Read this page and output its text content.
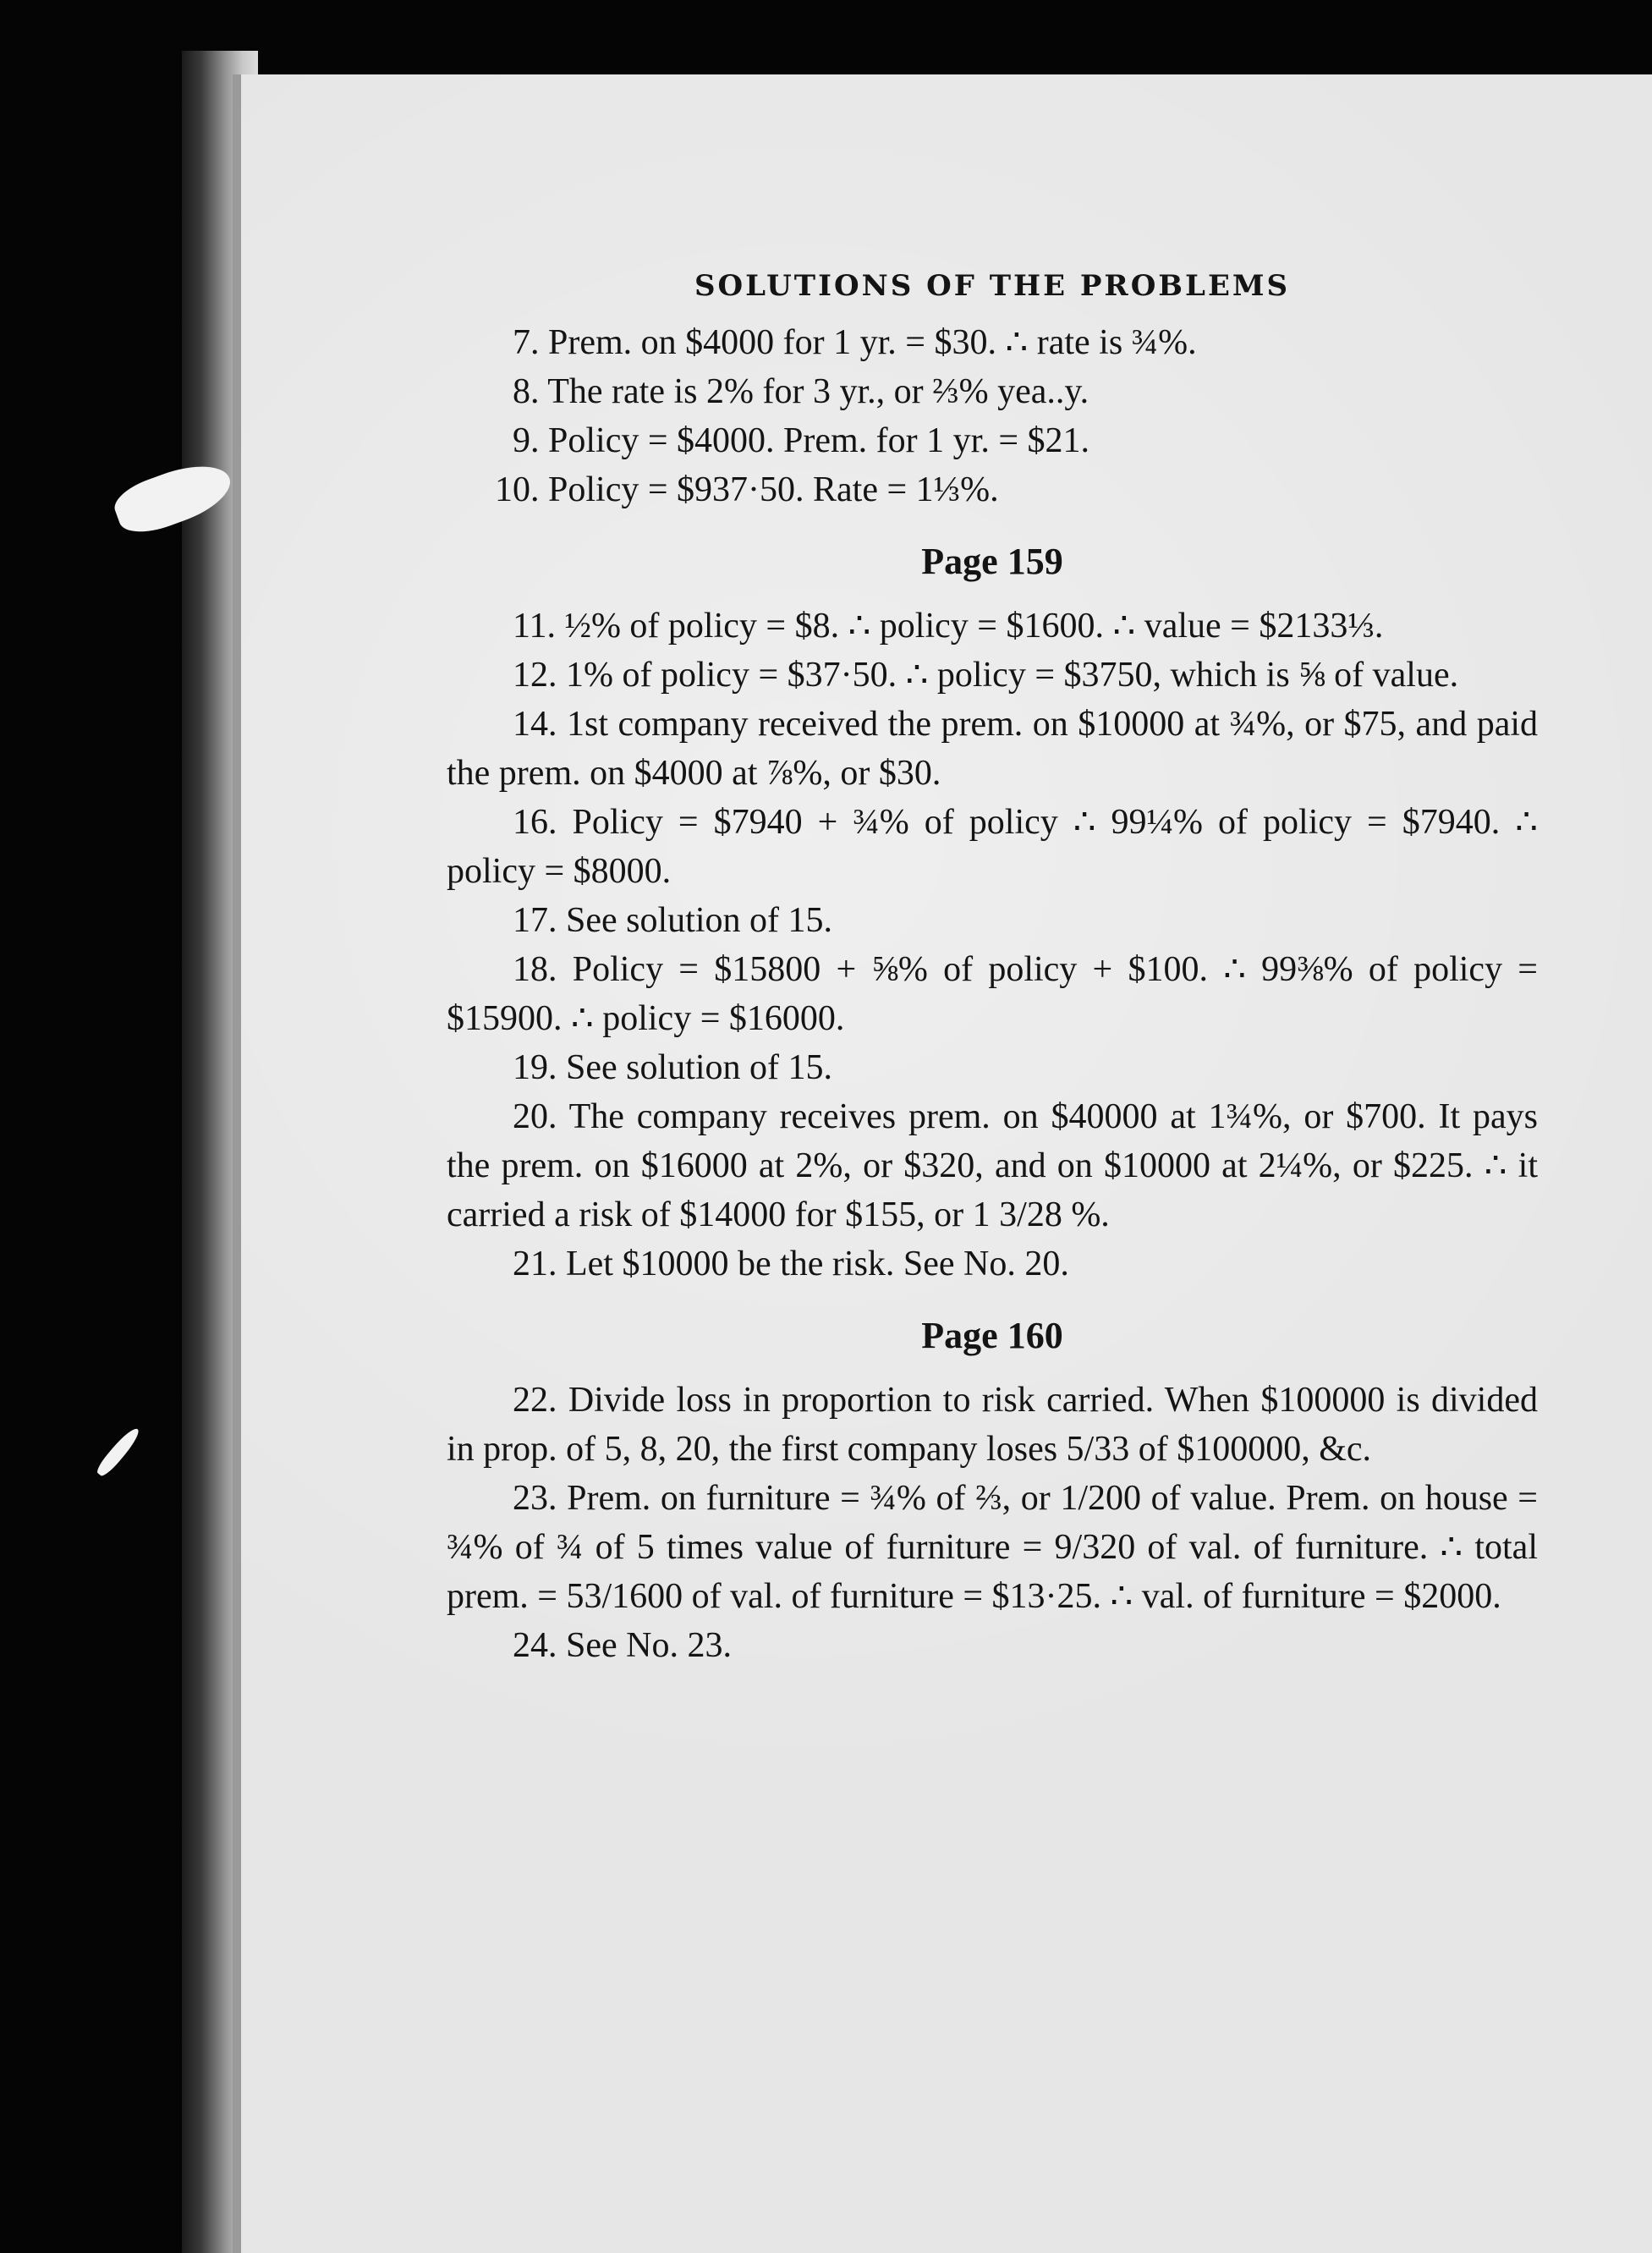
SOLUTIONS OF THE PROBLEMS

7. Prem. on $4000 for 1 yr. = $30. ∴ rate is ¾%.

8. The rate is 2% for 3 yr., or ⅔% yea..y.

9. Policy = $4000. Prem. for 1 yr. = $21.

10. Policy = $937·50. Rate = 1⅓%.

Page 159

11. ½% of policy = $8. ∴ policy = $1600. ∴ value = $2133⅓.

12. 1% of policy = $37·50. ∴ policy = $3750, which is ⅝ of value.

14. 1st company received the prem. on $10000 at ¾%, or $75, and paid the prem. on $4000 at ⅞%, or $30.

16. Policy = $7940 + ¾% of policy ∴ 99¼% of policy = $7940. ∴ policy = $8000.

17. See solution of 15.

18. Policy = $15800 + ⅝% of policy + $100. ∴ 99⅜% of policy = $15900. ∴ policy = $16000.

19. See solution of 15.

20. The company receives prem. on $40000 at 1¾%, or $700. It pays the prem. on $16000 at 2%, or $320, and on $10000 at 2¼%, or $225. ∴ it carried a risk of $14000 for $155, or 1 3/28 %.

21. Let $10000 be the risk. See No. 20.

Page 160

22. Divide loss in proportion to risk carried. When $100000 is divided in prop. of 5, 8, 20, the first company loses 5/33 of $100000, &c.

23. Prem. on furniture = ¾% of ⅔, or 1/200 of value. Prem. on house = ¾% of ¾ of 5 times value of furniture = 9/320 of val. of furniture. ∴ total prem. = 53/1600 of val. of furniture = $13·25. ∴ val. of furniture = $2000.

24. See No. 23.
